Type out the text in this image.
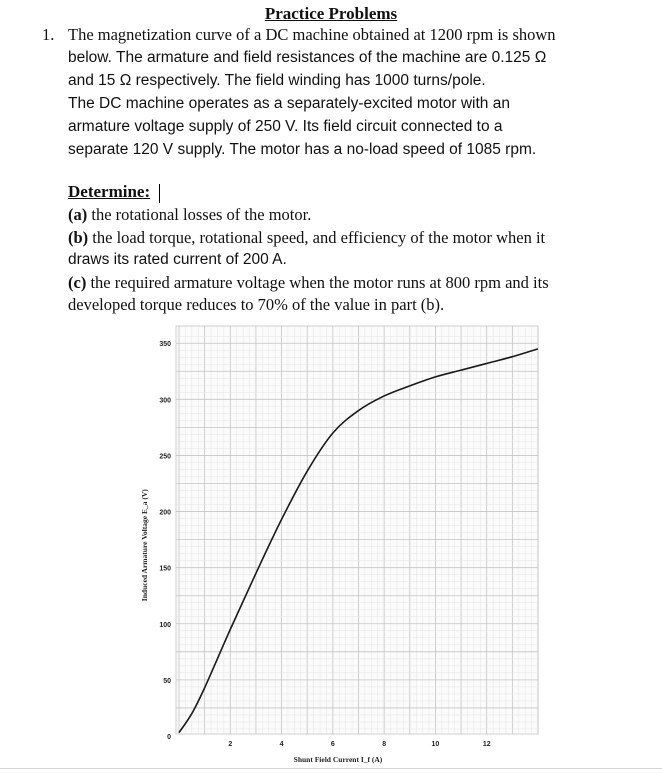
Practice Problems
1. The magnetization curve of a DC machine obtained at 1200 rpm is shown
below. The armature and field resistances of the machine are 0.125 Ω
and 15 Ω respectively. The field winding has 1000 turns/pole.
The DC machine operates as a separately-excited motor with an
armature voltage supply of 250 V. Its field circuit connected to a
separate 120 V supply. The motor has a no-load speed of 1085 rpm.
Determine:
(a) the rotational losses of the motor.
(b) the load torque, rotational speed, and efficiency of the motor when it
draws its rated current of 200 A.
(c) the required armature voltage when the motor runs at 800 rpm and its
developed torque reduces to 70% of the value in part (b).
0
50
100
150
200
250
300
350
2	4	6	8	10	12
Shunt Field Current I_f (A)
Induced Armature Voltage E_a (V)
